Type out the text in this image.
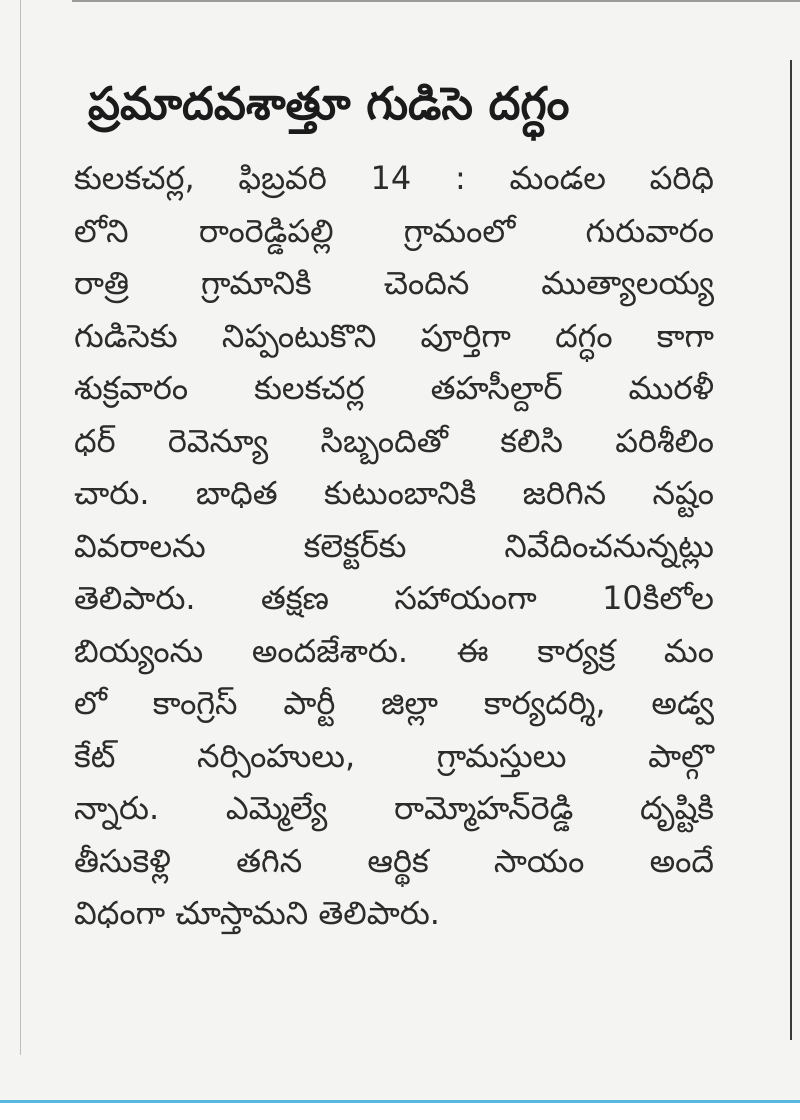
ప్రమాదవశాత్తూ గుడిసె దగ్ధం
కులకచర్ల, ఫిబ్రవరి 14 : మండల పరిధి
లోని రాంరెడ్డిపల్లి గ్రామంలో గురువారం
రాత్రి గ్రామానికి చెందిన ముత్యాలయ్య
గుడిసెకు నిప్పంటుకొని పూర్తిగా దగ్ధం కాగా
శుక్రవారం కులకచర్ల తహసీల్దార్ మురళీ
ధర్ రెవెన్యూ సిబ్బందితో కలిసి పరిశీలిం
చారు. బాధిత కుటుంబానికి జరిగిన నష్టం
వివరాలను కలెక్టర్‌కు నివేదించనున్నట్లు
తెలిపారు. తక్షణ సహాయంగా 10కిలోల
బియ్యంను అందజేశారు. ఈ కార్యక్ర మం
లో కాంగ్రెస్ పార్టీ జిల్లా కార్యదర్శి, అడ్వ
కేట్ నర్సింహులు, గ్రామస్తులు పాల్గొ
న్నారు. ఎమ్మెల్యే రామ్మోహన్‌రెడ్డి దృష్టికి
తీసుకెళ్లి తగిన ఆర్థిక సాయం అందే
విధంగా చూస్తామని తెలిపారు.
